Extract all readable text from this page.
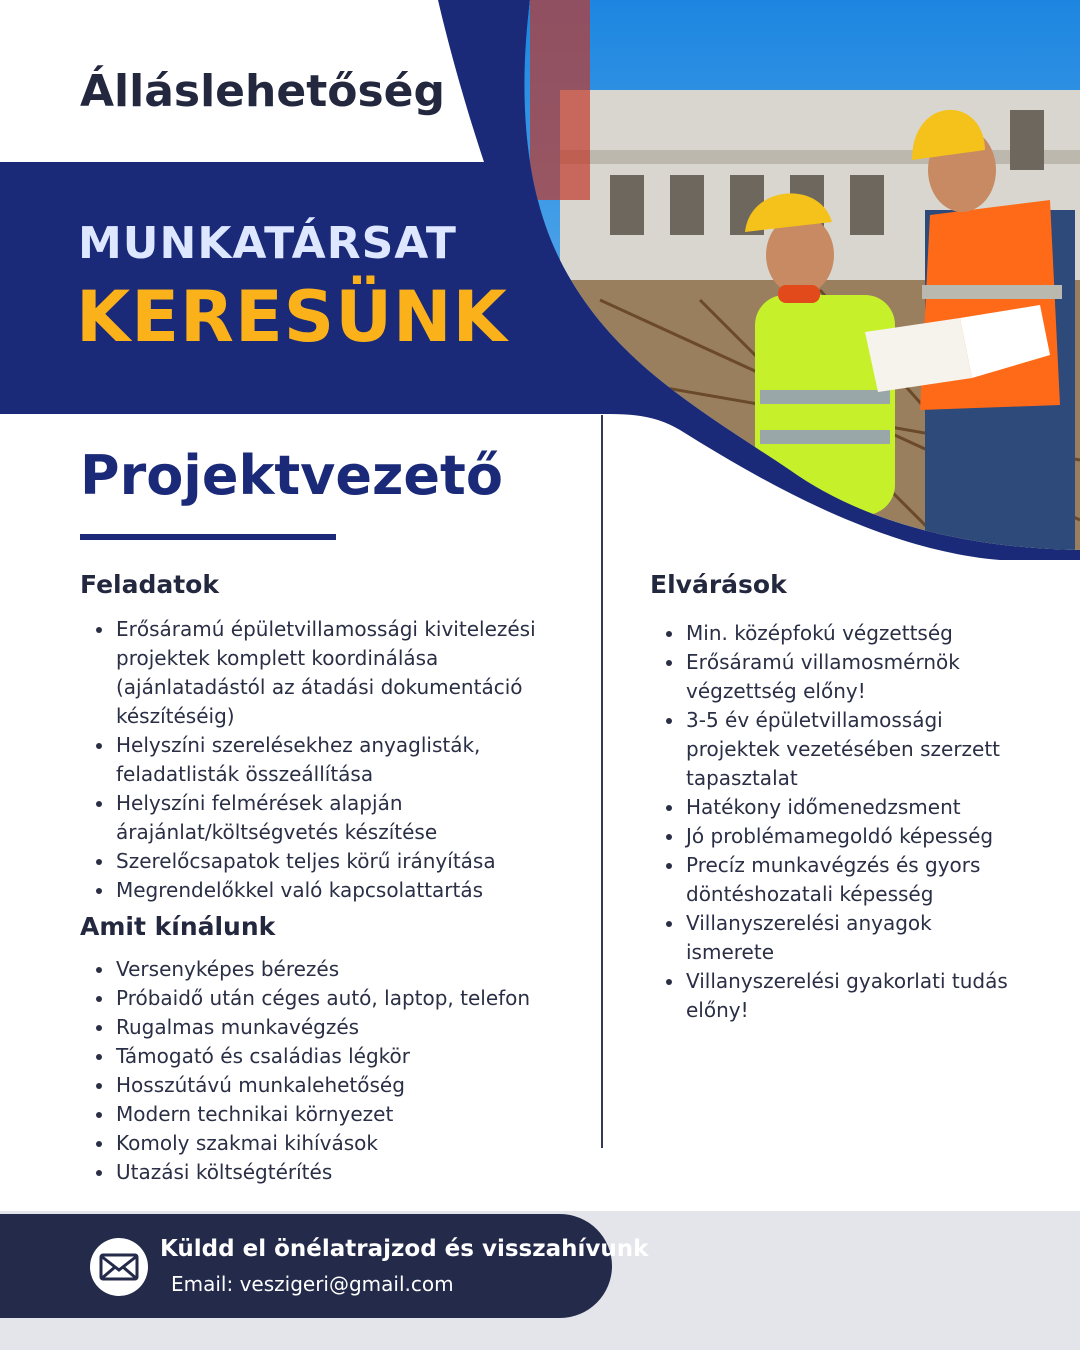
Álláslehetőség
MUNKATÁRSAT
KERESÜNK
Projektvezető
Feladatok
Erősáramú épületvillamossági kivitelezési projektek komplett koordinálása (ajánlatadástól az átadási dokumentáció készítéséig)
Helyszíni szerelésekhez anyaglisták, feladatlisták összeállítása
Helyszíni felmérések alapján árajánlat/költségvetés készítése
Szerelőcsapatok teljes körű irányítása
Megrendelőkkel való kapcsolattartás
Amit kínálunk
Versenyképes bérezés
Próbaidő után céges autó, laptop, telefon
Rugalmas munkavégzés
Támogató és családias légkör
Hosszútávú munkalehetőség
Modern technikai környezet
Komoly szakmai kihívások
Utazási költségtérítés
Elvárások
Min. középfokú végzettség
Erősáramú villamosmérnök végzettség előny!
3-5 év épületvillamossági projektek vezetésében szerzett tapasztalat
Hatékony időmenedzsment
Jó problémamegoldó képesség
Precíz munkavégzés és gyors döntéshozatali képesség
Villanyszerelési anyagok ismerete
Villanyszerelési gyakorlati tudás előny!
Küldd el önélatrajzod és visszahívunk
Email: veszigeri@gmail.com
